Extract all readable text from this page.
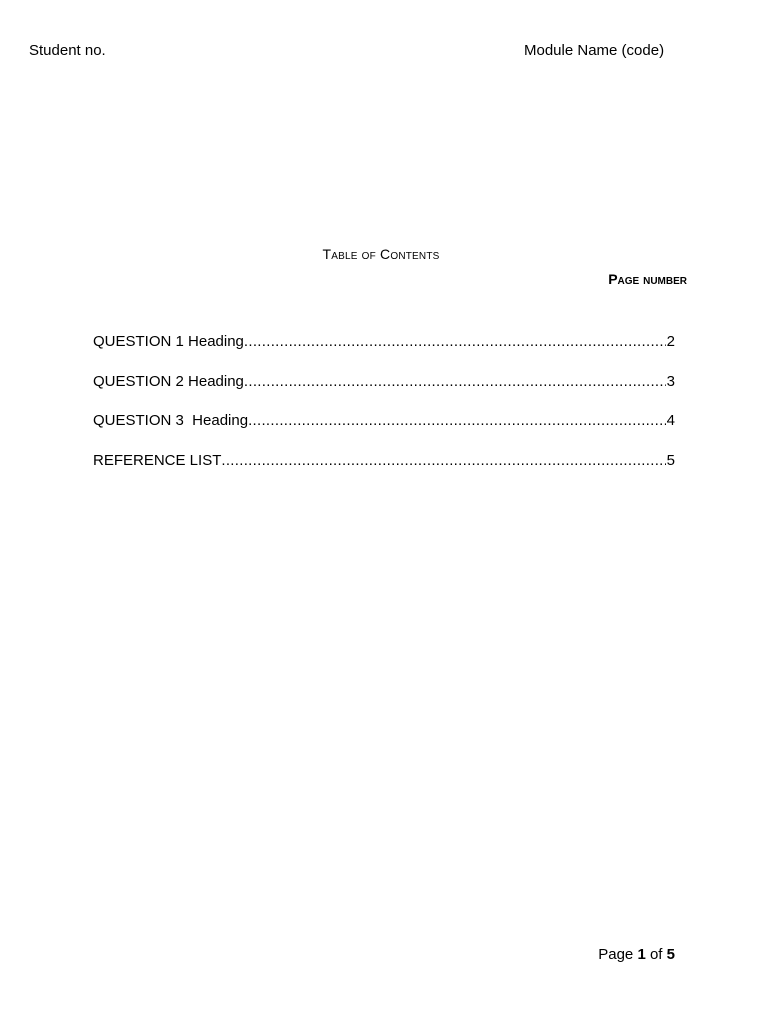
Student no.	Module Name (code)
Table of Contents
Page number
QUESTION 1 Heading .....	2
QUESTION 2 Heading .....	3
QUESTION 3  Heading .....	4
REFERENCE LIST .....	5
Page 1 of 5
